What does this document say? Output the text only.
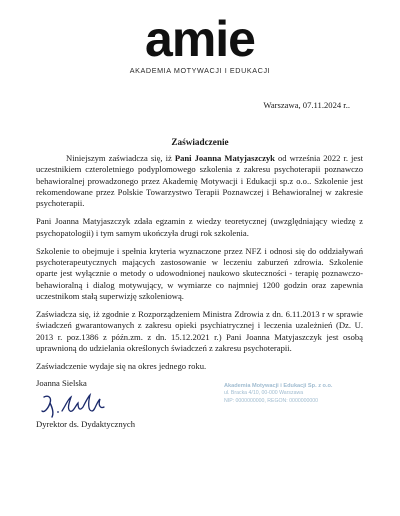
amie
AKADEMIA MOTYWACJI I EDUKACJI
Warszawa, 07.11.2024 r..
Zaświadczenie

Niniejszym zaświadcza się, iż Pani Joanna Matyjaszczyk od września 2022 r. jest uczestnikiem czteroletniego podyplomowego szkolenia z zakresu psychoterapii poznawczo behawioralnej prowadzonego przez Akademię Motywacji i Edukacji sp.z o.o.. Szkolenie jest rekomendowane przez Polskie Towarzystwo Terapii Poznawczej i Behawioralnej w zakresie psychoterapii.

Pani Joanna Matyjaszczyk zdała egzamin z wiedzy teoretycznej (uwzględniający wiedzę z psychopatologii) i tym samym ukończyła drugi rok szkolenia.

Szkolenie to obejmuje i spełnia kryteria wyznaczone przez NFZ i odnosi się do oddziaływań psychoterapeutycznych mających zastosowanie w leczeniu zaburzeń zdrowia. Szkolenie oparte jest wyłącznie o metody o udowodnionej naukowo skuteczności - terapię poznawczo-behawioralną i dialog motywujący, w wymiarze co najmniej 1200 godzin oraz zapewnia uczestnikom stałą superwizję szkoleniową.

Zaświadcza się, iż zgodnie z Rozporządzeniem Ministra Zdrowia z dn. 6.11.2013 r w sprawie świadczeń gwarantowanych z zakresu opieki psychiatrycznej i leczenia uzależnień (Dz. U. 2013 r. poz.1386 z późn.zm. z dn. 15.12.2021 r.) Pani Joanna Matyjaszczyk jest osobą uprawnioną do udzielania określonych świadczeń z zakresu psychoterapii.

Zaświadczenie wydaje się na okres jednego roku.

Joanna Sielska
Dyrektor ds. Dydaktycznych
Akademia Motywacji i Edukacji Sp. z o.o.
ul. Bracka 4/10, 00-000 Warszawa
NIP: 0000000000, REGON: 0000000000
